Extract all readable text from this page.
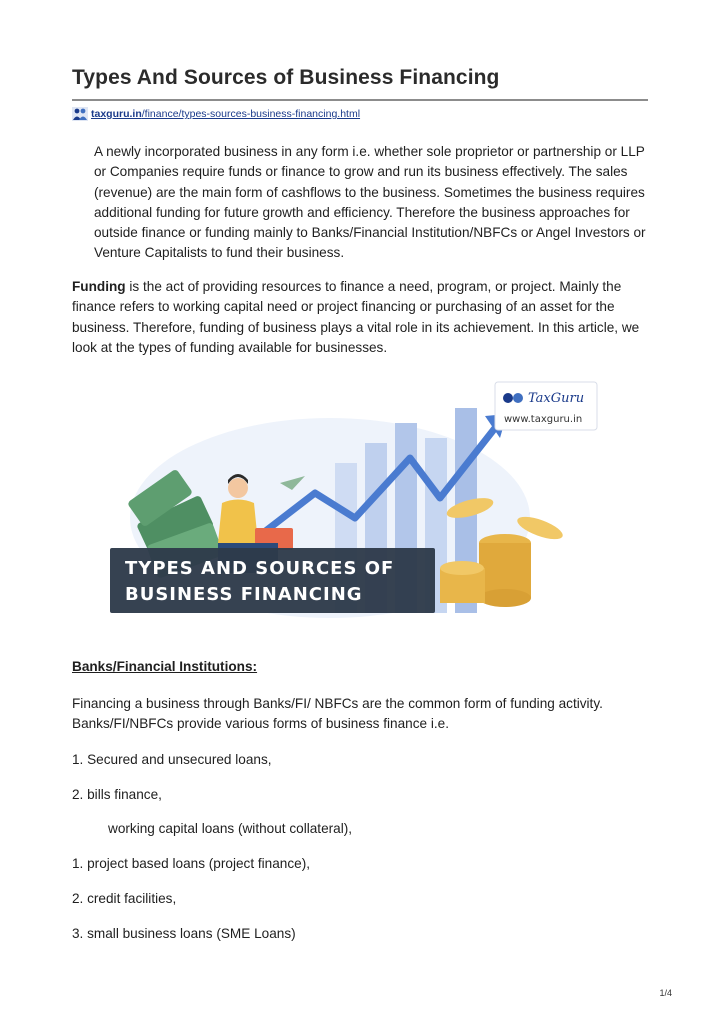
Types And Sources of Business Financing
taxguru.in/finance/types-sources-business-financing.html

A newly incorporated business in any form i.e. whether sole proprietor or partnership or LLP or Companies require funds or finance to grow and run its business effectively. The sales (revenue) are the main form of cashflows to the business. Sometimes the business requires additional funding for future growth and efficiency. Therefore the business approaches for outside finance or funding mainly to Banks/Financial Institution/NBFCs or Angel Investors or Venture Capitalists to fund their business.

Funding is the act of providing resources to finance a need, program, or project. Mainly the finance refers to working capital need or project financing or purchasing of an asset for the business. Therefore, funding of business plays a vital role in its achievement. In this article, we look at the types of funding available for businesses.

TYPES AND SOURCES OF
BUSINESS FINANCING
TaxGuru
www.taxguru.in
Banks/Financial Institutions:

Financing a business through Banks/FI/ NBFCs are the common form of funding activity. Banks/FI/NBFCs provide various forms of business finance i.e.

1. Secured and unsecured loans,
2. bills finance,
working capital loans (without collateral),
1. project based loans (project finance),
2. credit facilities,
3. small business loans (SME Loans)
1/4
